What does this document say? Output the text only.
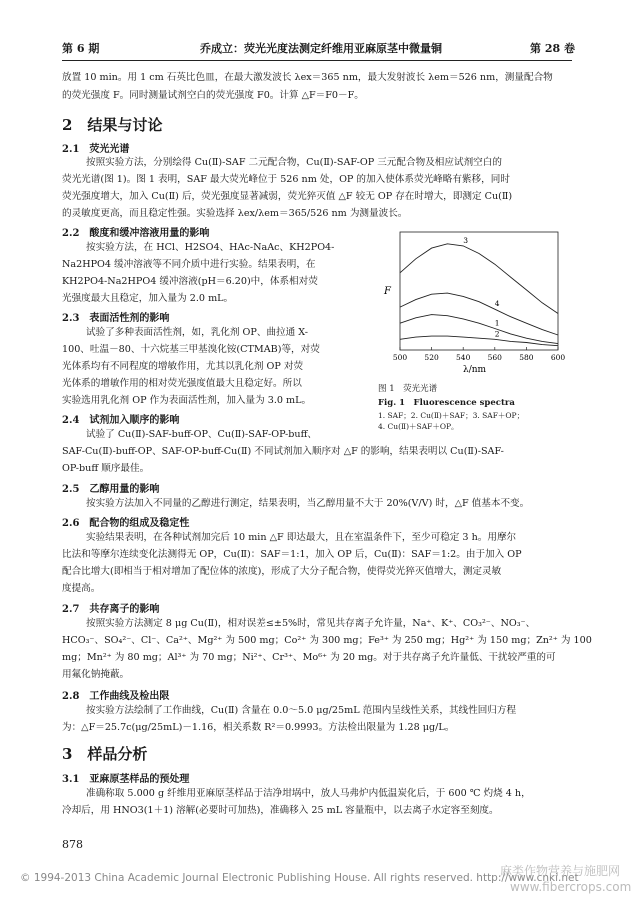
第 6 期	乔成立：荧光光度法测定纤维用亚麻原茎中微量铜	第 28 卷
放置 10 min。用 1 cm 石英比色皿，在最大激发波长 λex＝365 nm，最大发射波长 λem＝526 nm，测量配合物
的荧光强度 F。同时测量试剂空白的荧光强度 F0。计算 △F＝F0－F。
2　结果与讨论
2.1　荧光光谱
按照实验方法，分别绘得 Cu(Ⅱ)-SAF 二元配合物，Cu(Ⅱ)-SAF-OP 三元配合物及相应试剂空白的
荧光光谱(图 1)。图 1 表明，SAF 最大荧光峰位于 526 nm 处，OP 的加入使体系荧光峰略有紫移，同时
荧光强度增大，加入 Cu(Ⅱ) 后，荧光强度显著减弱，荧光猝灭值 △F 较无 OP 存在时增大，即测定 Cu(Ⅱ)
的灵敏度更高，而且稳定性强。实验选择 λex/λem＝365/526 nm 为测量波长。
2.2　酸度和缓冲溶液用量的影响
按实验方法，在 HCl、H2SO4、HAc-NaAc、KH2PO4-
Na2HPO4 缓冲溶液等不同介质中进行实验。结果表明，在
KH2PO4-Na2HPO4 缓冲溶液(pH＝6.20)中，体系相对荧
光强度最大且稳定，加入量为 2.0 mL。
2.3　表面活性剂的影响
试验了多种表面活性剂，如，乳化剂 OP、曲拉通 X-
100、吐温－80、十六烷基三甲基溴化铵(CTMAB)等，对荧
光体系均有不同程度的增敏作用，尤其以乳化剂 OP 对荧
光体系的增敏作用的相对荧光强度值最大且稳定好。所以
实验选用乳化剂 OP 作为表面活性剂，加入量为 3.0 mL。
2.4　试剂加入顺序的影响
试验了 Cu(Ⅱ)-SAF-buff-OP、Cu(Ⅱ)-SAF-OP-buff、
SAF-Cu(Ⅱ)-buff-OP、SAF-OP-buff-Cu(Ⅱ) 不同试剂加入顺序对 △F 的影响，结果表明以 Cu(Ⅱ)-SAF-
OP-buff 顺序最佳。
2.5　乙醇用量的影响
按实验方法加入不同量的乙醇进行测定，结果表明，当乙醇用量不大于 20%(V/V) 时，△F 值基本不变。
2.6　配合物的组成及稳定性
实验结果表明，在各种试剂加完后 10 min △F 即达最大，且在室温条件下，至少可稳定 3 h。用摩尔
比法和等摩尔连续变化法测得无 OP，Cu(Ⅱ)：SAF＝1:1，加入 OP 后，Cu(Ⅱ)：SAF＝1:2。由于加入 OP
配合比增大(即相当于相对增加了配位体的浓度)，形成了大分子配合物，使得荧光猝灭值增大，测定灵敏
度提高。
2.7　共存离子的影响
按照实验方法测定 8 μg Cu(Ⅱ)，相对误差≤±5%时，常见共存离子允许量，Na⁺、K⁺、CO₃²⁻、NO₃⁻、
HCO₃⁻、SO₄²⁻、Cl⁻、Ca²⁺、Mg²⁺ 为 500 mg；Co²⁺ 为 300 mg；Fe³⁺ 为 250 mg；Hg²⁺ 为 150 mg；Zn²⁺ 为 100
mg；Mn²⁺ 为 80 mg；Al³⁺ 为 70 mg；Ni²⁺、Cr³⁺、Mo⁶⁺ 为 20 mg。对于共存离子允许量低、干扰较严重的可
用氟化钠掩蔽。
2.8　工作曲线及检出限
按实验方法绘制了工作曲线，Cu(Ⅱ) 含量在 0.0～5.0 μg/25mL 范围内呈线性关系，其线性回归方程
为：△F＝25.7c(μg/25mL)－1.16，相关系数 R²＝0.9993。方法检出限量为 1.28 μg/L。
3　样品分析
3.1　亚麻原茎样品的预处理
准确称取 5.000 g 纤维用亚麻原茎样品于洁净坩埚中，放人马弗炉内低温炭化后，于 600 ℃ 灼烧 4 h，
冷却后，用 HNO3(1＋1) 溶解(必要时可加热)，准确移入 25 mL 容量瓶中，以去离子水定容至刻度。
878
500 520 540 560 580 600
1
2
3
4
F
λ/nm
图 1　荧光光谱
Fig. 1　Fluorescence spectra
1. SAF；2. Cu(Ⅱ)＋SAF；3. SAF＋OP；
4. Cu(Ⅱ)＋SAF＋OP。
© 1994-2013 China Academic Journal Electronic Publishing House. All rights reserved. http://www.cnki.net
麻类作物营养与施肥网
www.fibercrops.com
